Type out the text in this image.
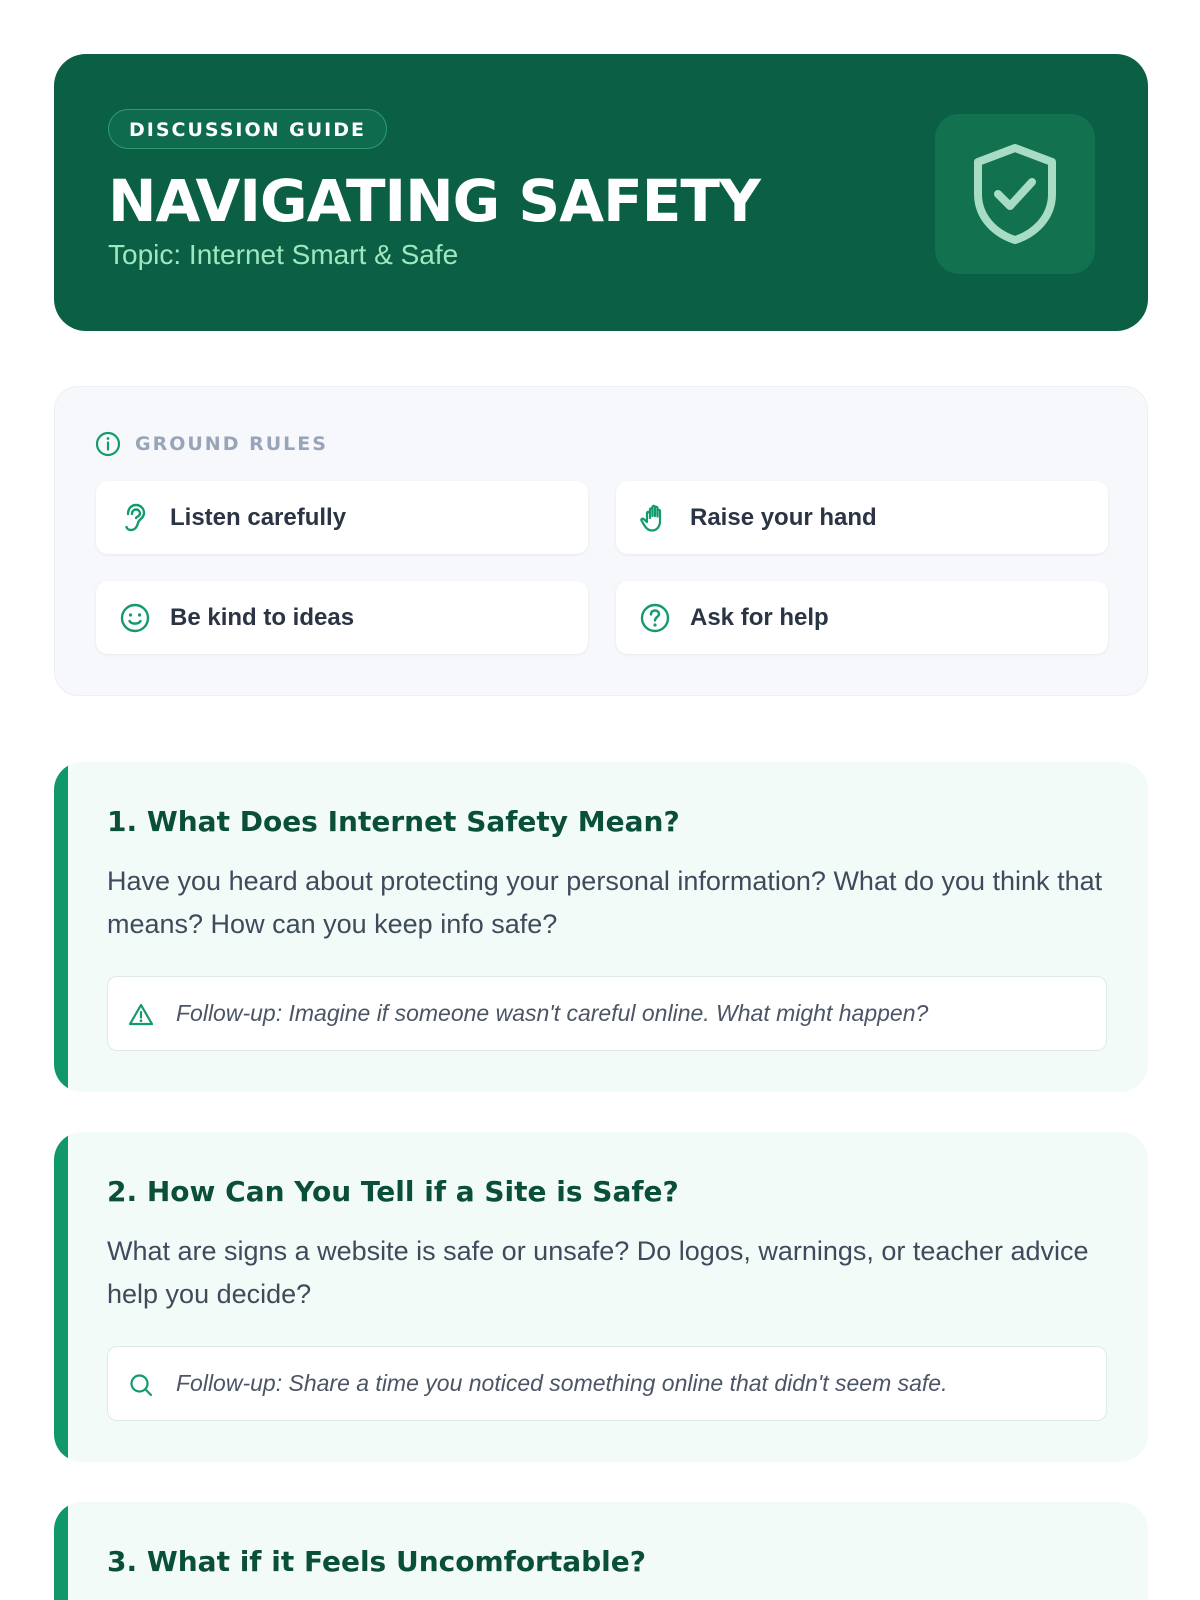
DISCUSSION GUIDE
NAVIGATING SAFETY
Topic: Internet Smart & Safe
GROUND RULES
Listen carefully	Raise your hand
Be kind to ideas	Ask for help
1. What Does Internet Safety Mean?
Have you heard about protecting your personal information? What do you think that means? How can you keep info safe?
Follow-up: Imagine if someone wasn't careful online. What might happen?
2. How Can You Tell if a Site is Safe?
What are signs a website is safe or unsafe? Do logos, warnings, or teacher advice help you decide?
Follow-up: Share a time you noticed something online that didn't seem safe.
3. What if it Feels Uncomfortable?
